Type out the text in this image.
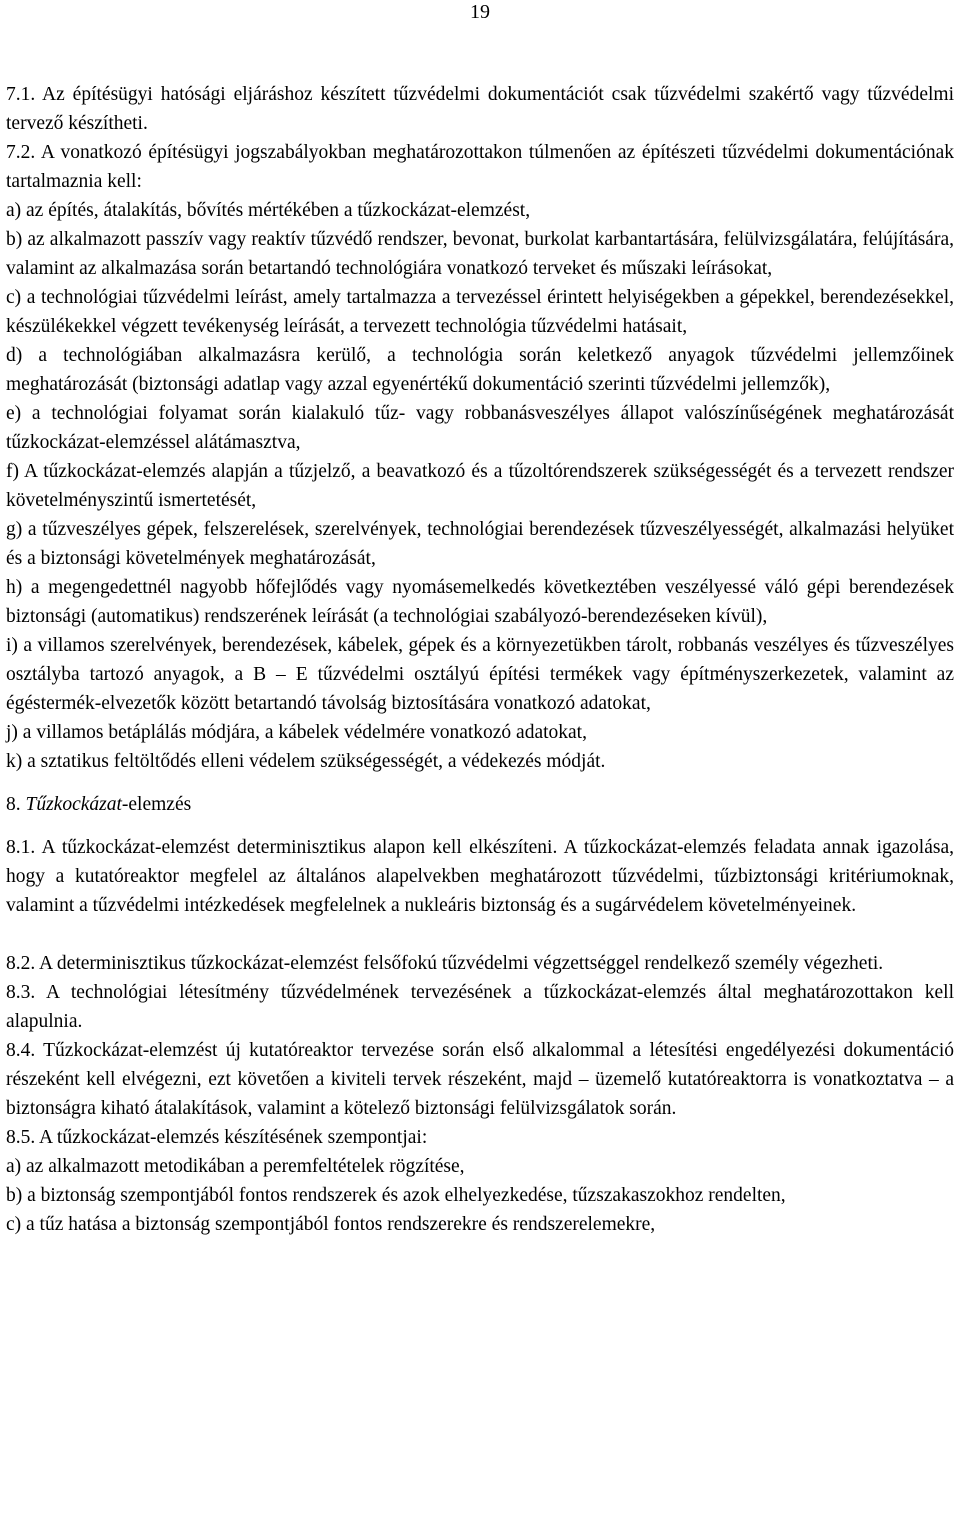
19

7.1. Az építésügyi hatósági eljáráshoz készített tűzvédelmi dokumentációt csak tűzvédelmi szakértő vagy tűzvédelmi tervező készítheti.

7.2. A vonatkozó építésügyi jogszabályokban meghatározottakon túlmenően az építészeti tűzvédelmi dokumentációnak tartalmaznia kell:

a) az építés, átalakítás, bővítés mértékében a tűzkockázat-elemzést,

b) az alkalmazott passzív vagy reaktív tűzvédő rendszer, bevonat, burkolat karbantartására, felülvizsgálatára, felújítására, valamint az alkalmazása során betartandó technológiára vonatkozó terveket és műszaki leírásokat,

c) a technológiai tűzvédelmi leírást, amely tartalmazza a tervezéssel érintett helyiségekben a gépekkel, berendezésekkel, készülékekkel végzett tevékenység leírását, a tervezett technológia tűzvédelmi hatásait,

d) a technológiában alkalmazásra kerülő, a technológia során keletkező anyagok tűzvédelmi jellemzőinek meghatározását (biztonsági adatlap vagy azzal egyenértékű dokumentáció szerinti tűzvédelmi jellemzők),

e) a technológiai folyamat során kialakuló tűz- vagy robbanásveszélyes állapot valószínűségének meghatározását tűzkockázat-elemzéssel alátámasztva,

f) A tűzkockázat-elemzés alapján a tűzjelző, a beavatkozó és a tűzoltórendszerek szükségességét és a tervezett rendszer követelményszintű ismertetését,

g) a tűzveszélyes gépek, felszerelések, szerelvények, technológiai berendezések tűzveszélyességét, alkalmazási helyüket és a biztonsági követelmények meghatározását,

h) a megengedettnél nagyobb hőfejlődés vagy nyomásemelkedés következtében veszélyessé váló gépi berendezések biztonsági (automatikus) rendszerének leírását (a technológiai szabályozó-berendezéseken kívül),

i) a villamos szerelvények, berendezések, kábelek, gépek és a környezetükben tárolt, robbanás veszélyes és tűzveszélyes osztályba tartozó anyagok, a B – E tűzvédelmi osztályú építési termékek vagy építményszerkezetek, valamint az égéstermék-elvezetők között betartandó távolság biztosítására vonatkozó adatokat,

j) a villamos betáplálás módjára, a kábelek védelmére vonatkozó adatokat,

k) a sztatikus feltöltődés elleni védelem szükségességét, a védekezés módját.

8. Tűzkockázat-elemzés

8.1. A tűzkockázat-elemzést determinisztikus alapon kell elkészíteni. A tűzkockázat-elemzés feladata annak igazolása, hogy a kutatóreaktor megfelel az általános alapelvekben meghatározott tűzvédelmi, tűzbiztonsági kritériumoknak, valamint a tűzvédelmi intézkedések megfelelnek a nukleáris biztonság és a sugárvédelem követelményeinek.

8.2. A determinisztikus tűzkockázat-elemzést felsőfokú tűzvédelmi végzettséggel rendelkező személy végezheti.

8.3. A technológiai létesítmény tűzvédelmének tervezésének a tűzkockázat-elemzés által meghatározottakon kell alapulnia.

8.4. Tűzkockázat-elemzést új kutatóreaktor tervezése során első alkalommal a létesítési engedélyezési dokumentáció részeként kell elvégezni, ezt követően a kiviteli tervek részeként, majd – üzemelő kutatóreaktorra is vonatkoztatva – a biztonságra kiható átalakítások, valamint a kötelező biztonsági felülvizsgálatok során.

8.5. A tűzkockázat-elemzés készítésének szempontjai:

a) az alkalmazott metodikában a peremfeltételek rögzítése,

b) a biztonság szempontjából fontos rendszerek és azok elhelyezkedése, tűzszakaszokhoz rendelten,

c) a tűz hatása a biztonság szempontjából fontos rendszerekre és rendszerelemekre,
